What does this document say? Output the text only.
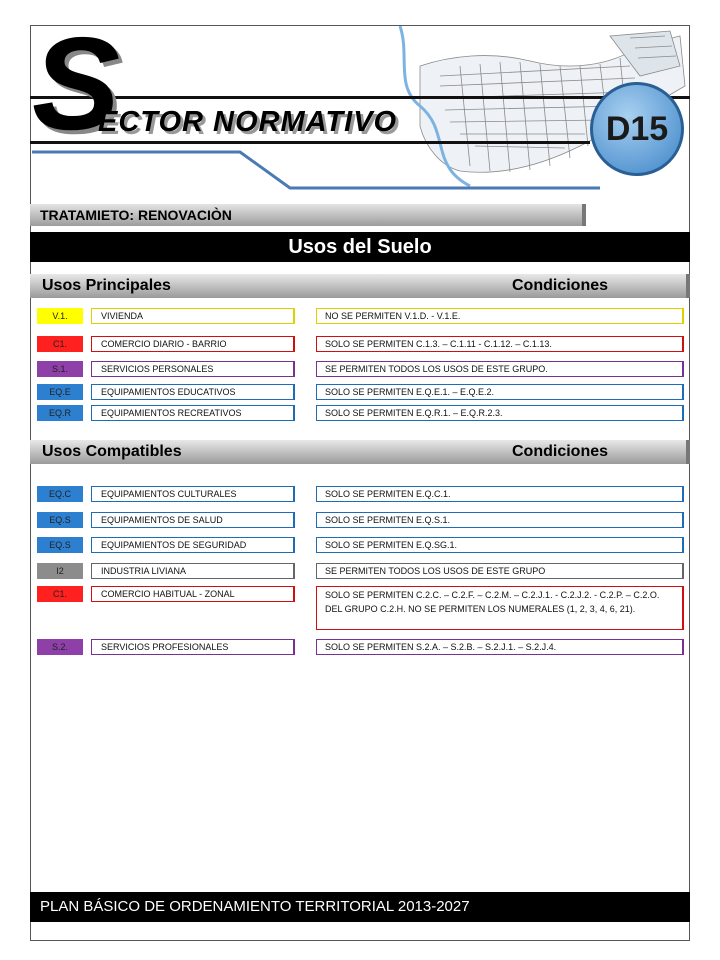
S
ECTOR NORMATIVO	D15
TRATAMIETO: RENOVACIÒN
Usos del Suelo
Usos Principales	Condiciones
V.1.	VIVIENDA	NO SE PERMITEN V.1.D. - V.1.E.
C1.	COMERCIO DIARIO - BARRIO	SOLO SE PERMITEN C.1.3. – C.1.11 - C.1.12. – C.1.13.
S.1.	SERVICIOS PERSONALES	SE PERMITEN TODOS LOS USOS DE ESTE GRUPO.
EQ.E	EQUIPAMIENTOS EDUCATIVOS	SOLO SE PERMITEN E.Q.E.1. – E.Q.E.2.
EQ.R	EQUIPAMIENTOS RECREATIVOS	SOLO SE PERMITEN E.Q.R.1. – E.Q.R.2.3.
Usos Compatibles	Condiciones
EQ.C	EQUIPAMIENTOS CULTURALES	SOLO SE PERMITEN E.Q.C.1.
EQ.S	EQUIPAMIENTOS DE SALUD	SOLO SE PERMITEN E.Q.S.1.
EQ.S	EQUIPAMIENTOS DE SEGURIDAD	SOLO SE PERMITEN E.Q.SG.1.
I2	INDUSTRIA LIVIANA	SE PERMITEN TODOS LOS USOS DE ESTE GRUPO
C1.	COMERCIO HABITUAL - ZONAL	SOLO SE PERMITEN C.2.C. – C.2.F. – C.2.M. – C.2.J.1. - C.2.J.2. - C.2.P. – C.2.O. DEL GRUPO C.2.H. NO SE PERMITEN LOS NUMERALES (1, 2, 3, 4, 6, 21).
S.2.	SERVICIOS PROFESIONALES	SOLO SE PERMITEN S.2.A. – S.2.B. – S.2.J.1. – S.2.J.4.
PLAN BÁSICO DE ORDENAMIENTO TERRITORIAL 2013-2027
